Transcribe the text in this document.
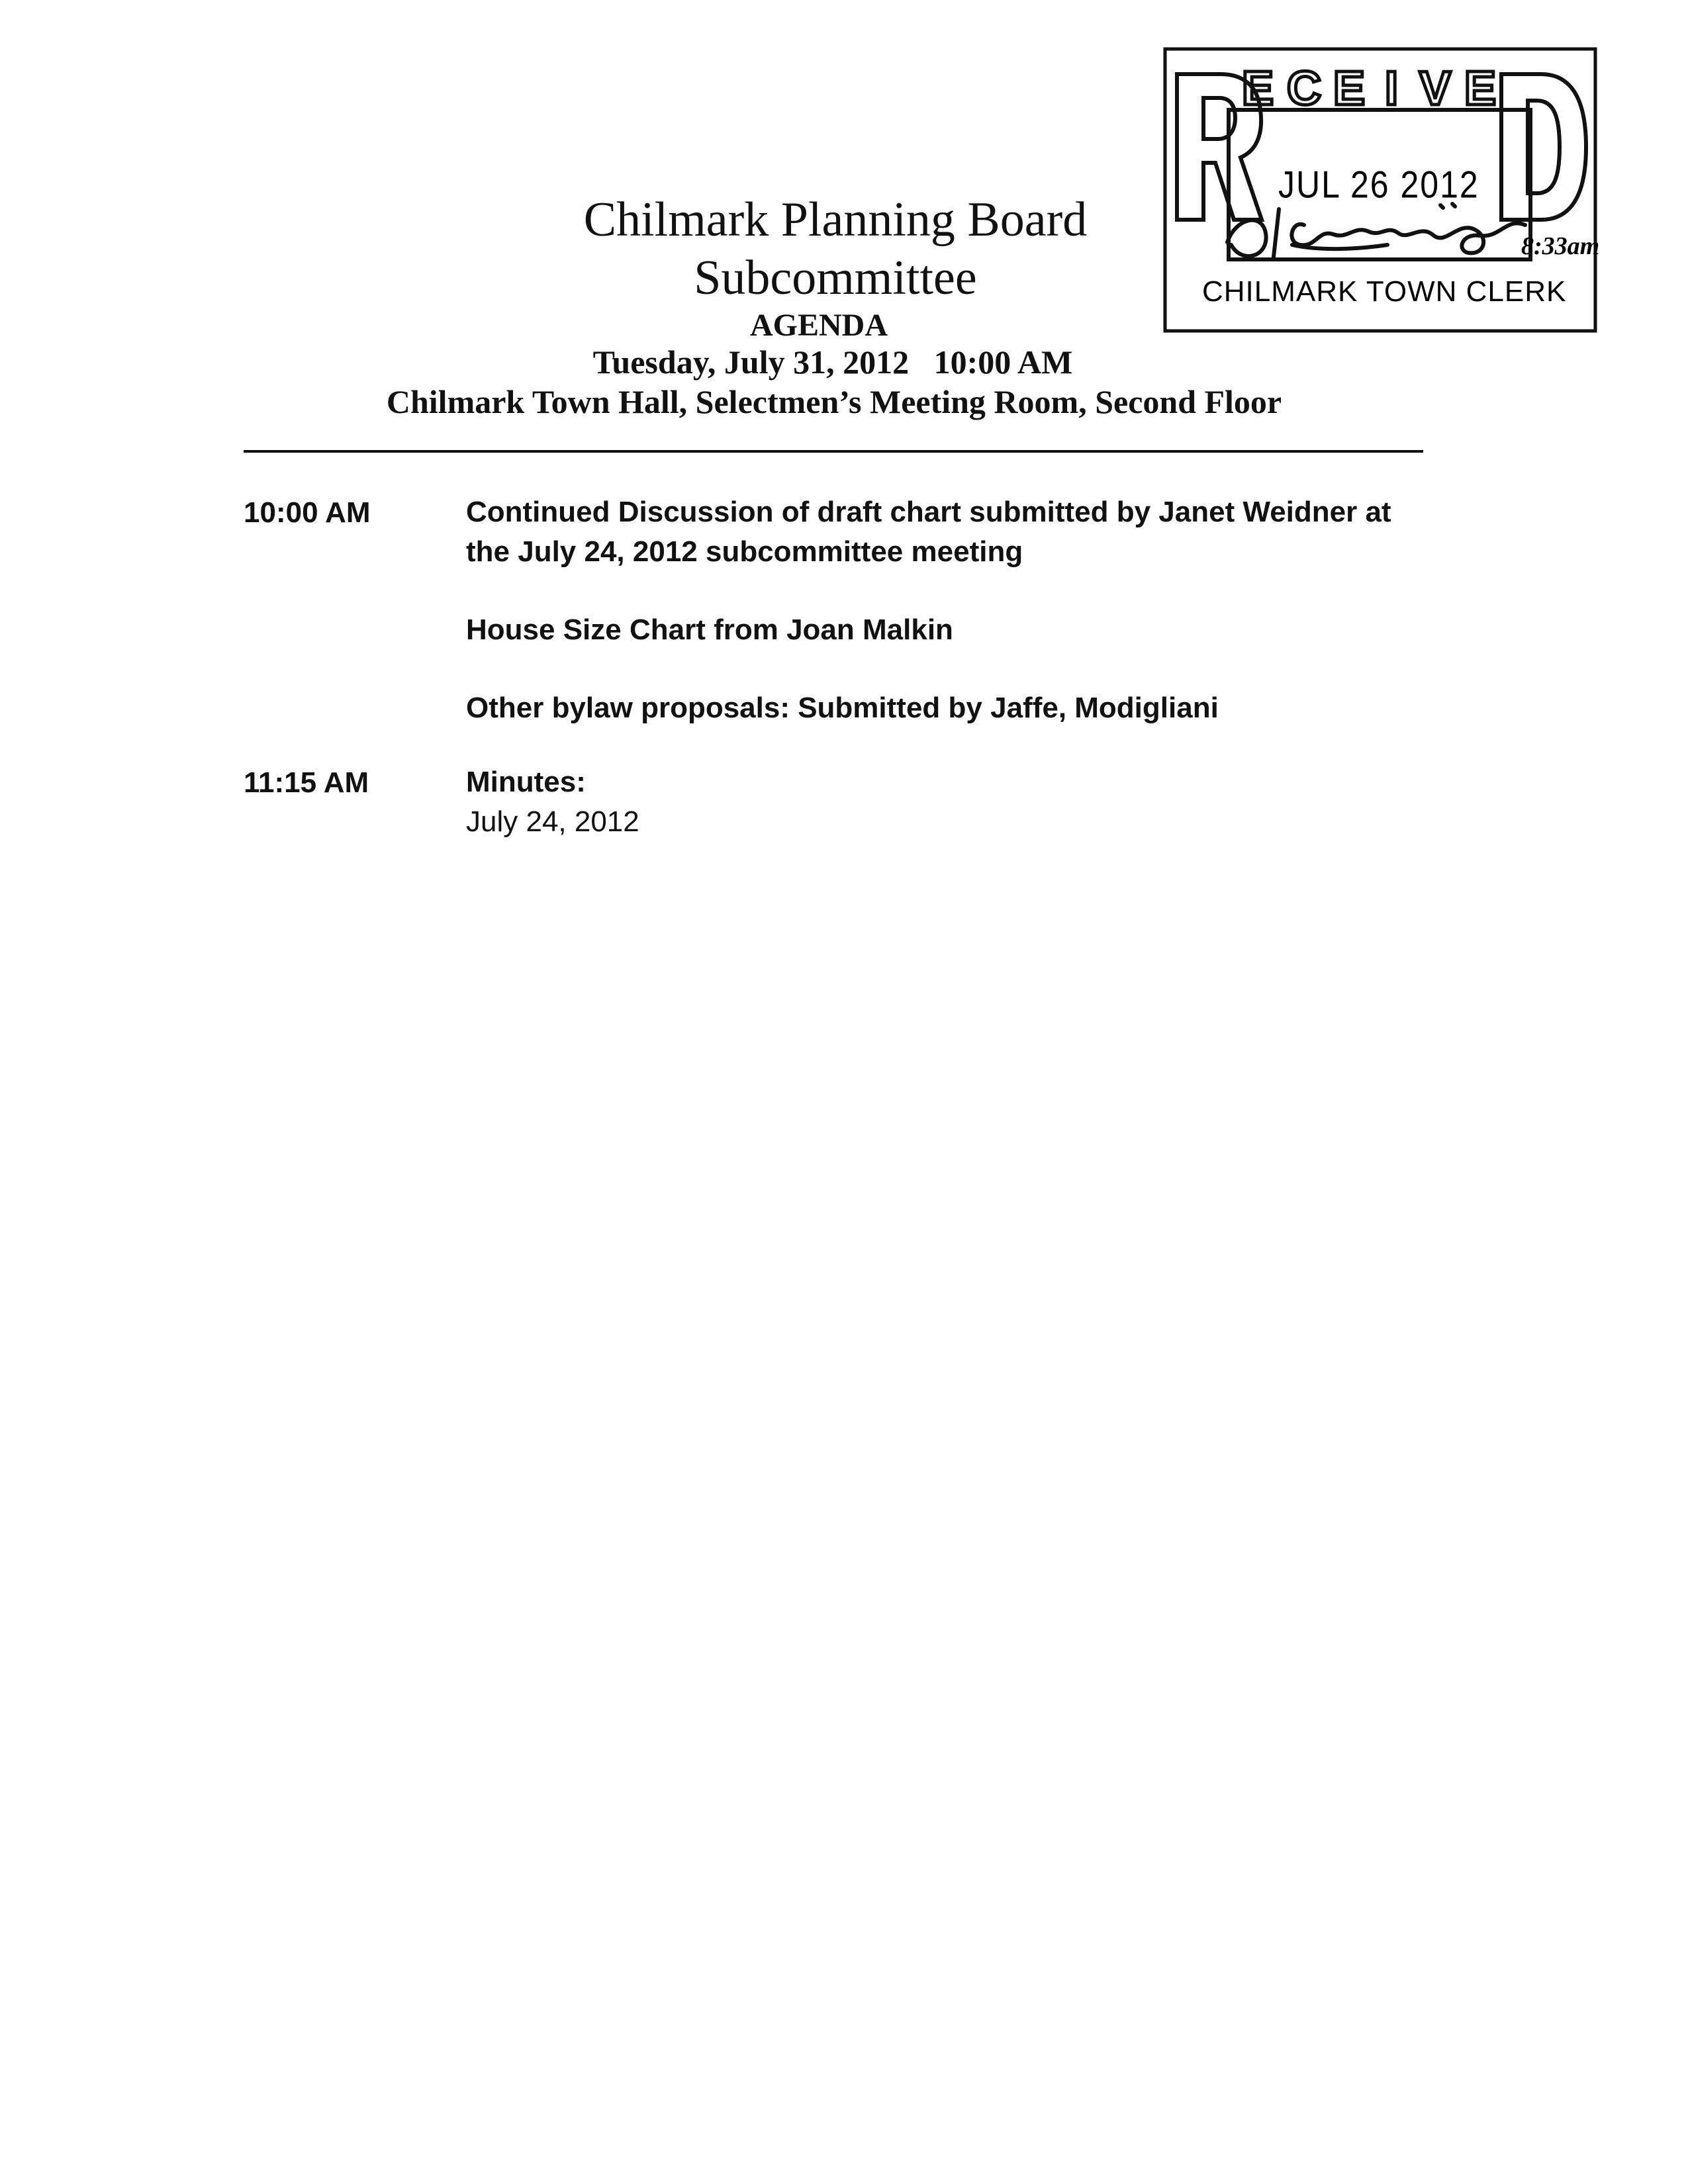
Chilmark Planning Board
Subcommittee
AGENDA
Tuesday, July 31, 2012   10:00 AM
Chilmark Town Hall, Selectmen’s Meeting Room, Second Floor
E C E I V E
JUL 26 2012
CHILMARK TOWN CLERK
8:33am
10:00 AM	Continued Discussion of draft chart submitted by Janet Weidner at
the July 24, 2012 subcommittee meeting
House Size Chart from Joan Malkin
Other bylaw proposals: Submitted by Jaffe, Modigliani
11:15 AM	Minutes:
July 24, 2012
